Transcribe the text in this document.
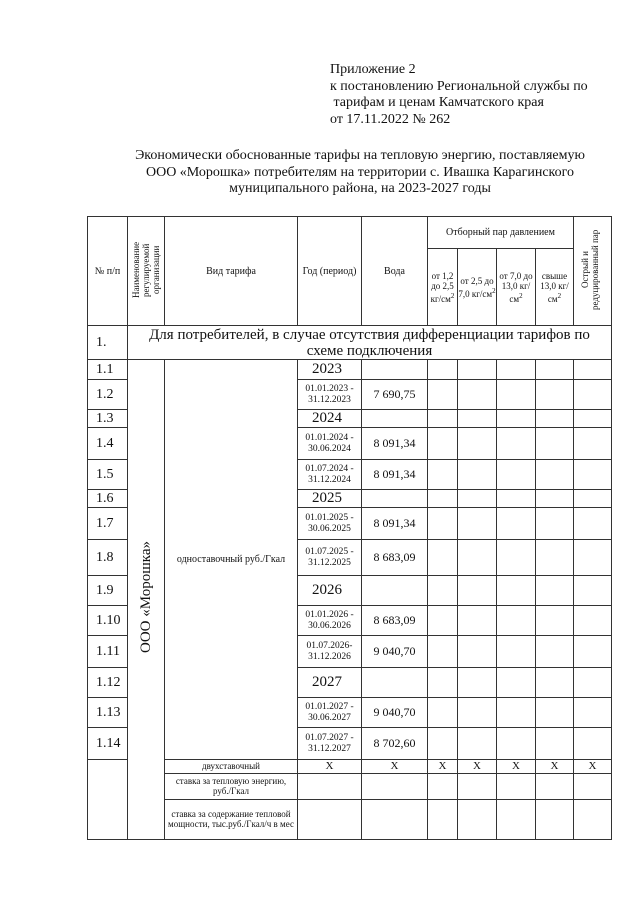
Приложение 2
к постановлению Региональной службы по
тарифам и ценам Камчатского края
от 17.11.2022 № 262
Экономически обоснованные тарифы на тепловую энергию, поставляемую
ООО «Морошка» потребителям на территории с. Ивашка Карагинского
муниципального района, на 2023-2027 годы
№ п/п	Наименование регулируемой организации	Вид тарифа	Год (период)	Вода	Отборный пар давлением				Острый и редуцированный пар
					от 1,2 до 2,5 $кг/см^2$	от 2,5 до 7,0 $кг/см^2$	от 7,0 до 13,0 $кг/см^2$	свыше 13,0 $кг/см^2$
1.	Для потребителей, в случае отсутствия дифференциации тарифов по схеме подключения								
1.1	ООО «Морошка»	одноставочный руб./Гкал	2023						
1.2			01.01.2023 - 31.12.2023	7 690,75					
1.3			2024						
1.4			01.01.2024 - 30.06.2024	8 091,34					
1.5			01.07.2024 - 31.12.2024	8 091,34					
1.6			2025						
1.7			01.01.2025 - 30.06.2025	8 091,34					
1.8			01.07.2025 - 31.12.2025	8 683,09					
1.9			2026						
1.10			01.01.2026 - 30.06.2026	8 683,09					
1.11			01.07.2026- 31.12.2026	9 040,70					
1.12			2027						
1.13			01.01.2027 - 30.06.2027	9 040,70					
1.14			01.07.2027 - 31.12.2027	8 702,60					
		двухставочный	X	X	X	X	X	X	X
		ставка за тепловую энергию, руб./Гкал							
		ставка за содержание тепловой мощности, тыс.руб./Гкал/ч в мес							
